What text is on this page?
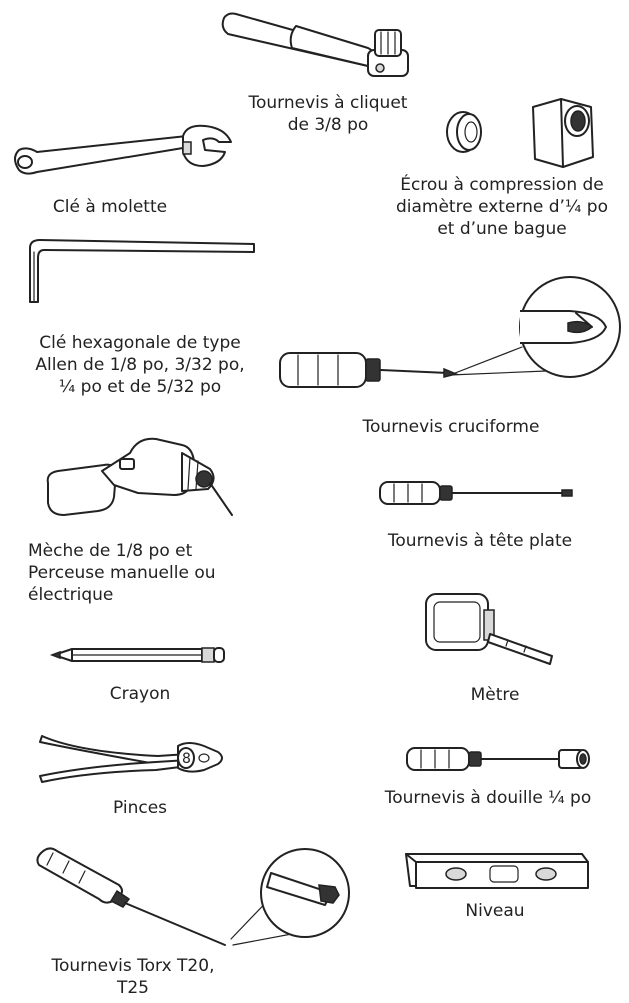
8
Tournevis à cliquet
de 3/8 po
Clé à molette
Écrou à compression de
diamètre externe d’¼ po
et d’une bague
Clé hexagonale de type
Allen de 1/8 po, 3/32 po,
¼ po et de 5/32 po
Tournevis cruciforme
Mèche de 1/8 po et
Perceuse manuelle ou
électrique
Tournevis à tête plate
Crayon	Mètre
Pinces	Tournevis à douille ¼ po
Niveau
Tournevis Torx T20,
T25
